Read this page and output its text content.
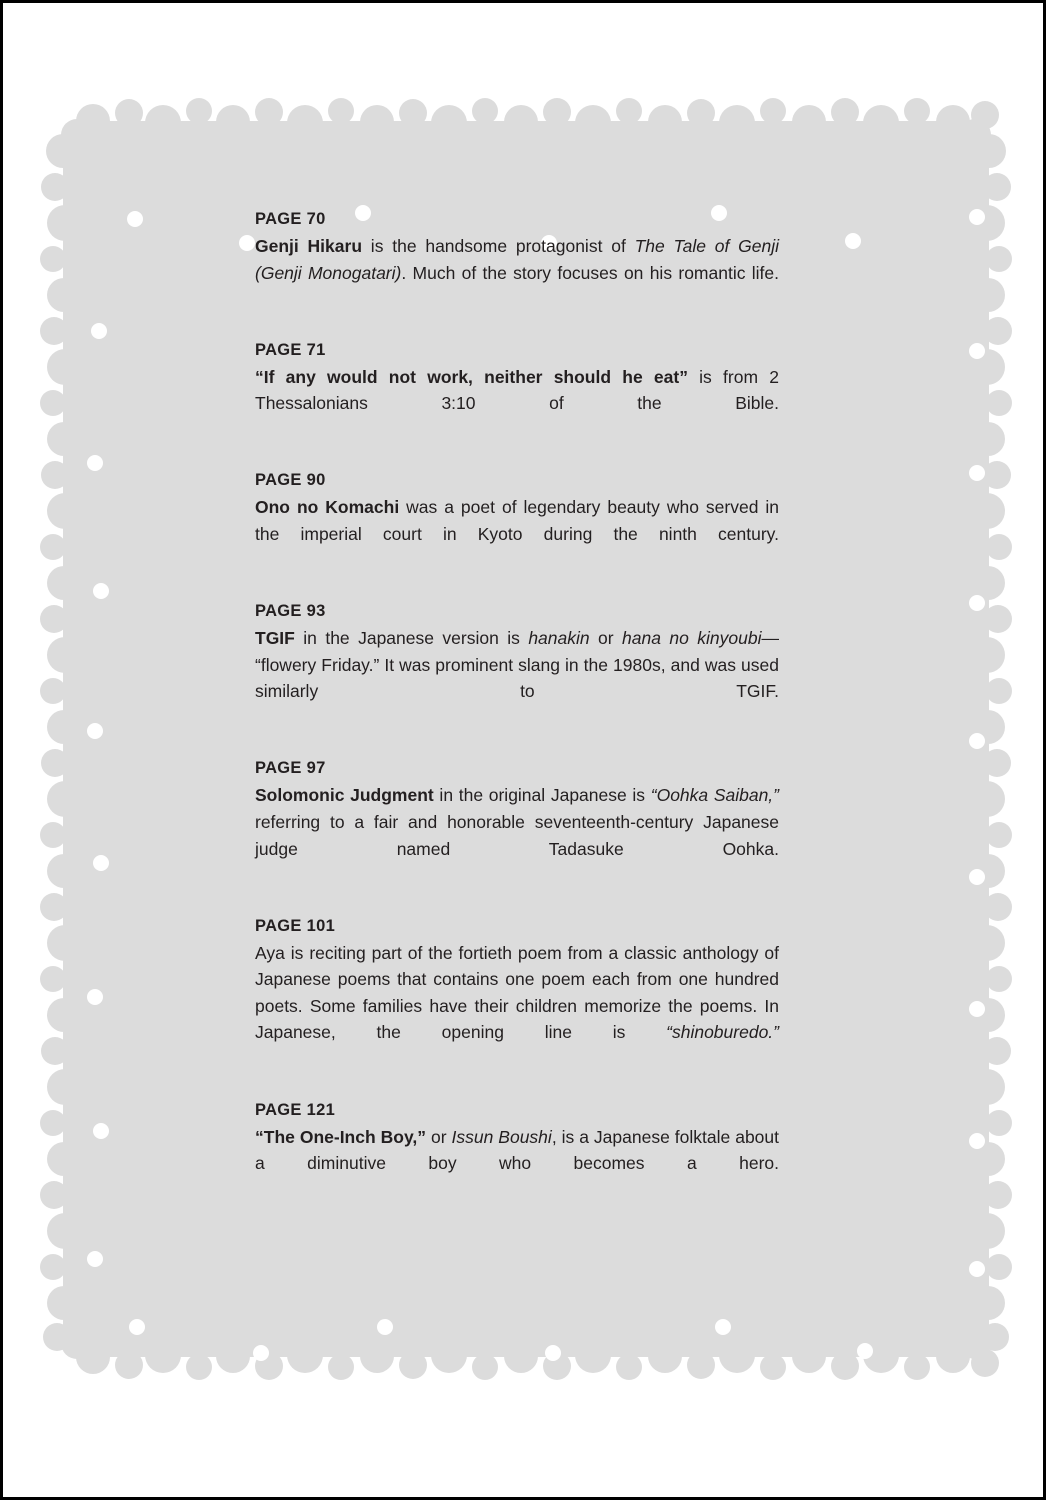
PAGE 70
Genji Hikaru is the handsome protagonist of The Tale of Genji (Genji Monogatari). Much of the story focuses on his romantic life.
PAGE 71
“If any would not work, neither should he eat” is from 2 Thessalonians 3:10 of the Bible.
PAGE 90
Ono no Komachi was a poet of legendary beauty who served in the imperial court in Kyoto during the ninth century.
PAGE 93
TGIF in the Japanese version is hanakin or hana no kinyoubi— “flowery Friday.” It was prominent slang in the 1980s, and was used similarly to TGIF.
PAGE 97
Solomonic Judgment in the original Japanese is “Oohka Saiban,” referring to a fair and honorable seventeenth-century Japanese judge named Tadasuke Oohka.
PAGE 101
Aya is reciting part of the fortieth poem from a classic anthology of Japanese poems that contains one poem each from one hundred poets. Some families have their children memorize the poems. In Japanese, the opening line is “shinoburedo.”
PAGE 121
“The One-Inch Boy,” or Issun Boushi, is a Japanese folktale about a diminutive boy who becomes a hero.
